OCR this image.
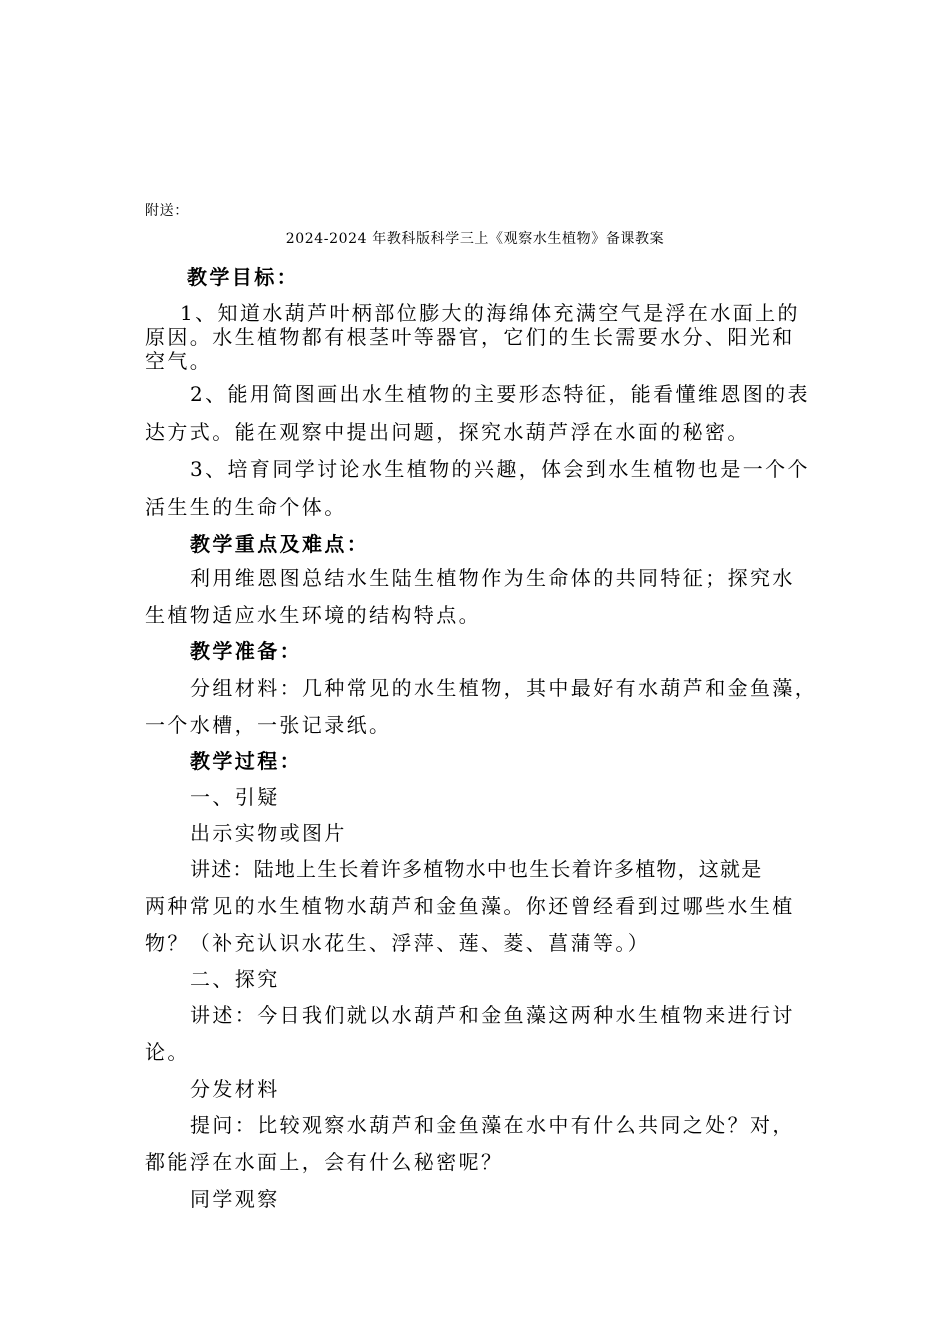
附送：
2024-2024 年教科版科学三上《观察水生植物》备课教案
教学目标：
1、知道水葫芦叶柄部位膨大的海绵体充满空气是浮在水面上的
原因。水生植物都有根茎叶等器官，它们的生长需要水分、阳光和
空气。
2、能用简图画出水生植物的主要形态特征，能看懂维恩图的表
达方式。能在观察中提出问题，探究水葫芦浮在水面的秘密。
3、培育同学讨论水生植物的兴趣，体会到水生植物也是一个个
活生生的生命个体。
教学重点及难点：
利用维恩图总结水生陆生植物作为生命体的共同特征；探究水
生植物适应水生环境的结构特点。
教学准备：
分组材料：几种常见的水生植物，其中最好有水葫芦和金鱼藻，
一个水槽，一张记录纸。
教学过程：
一、引疑
出示实物或图片
讲述：陆地上生长着许多植物水中也生长着许多植物，这就是
两种常见的水生植物水葫芦和金鱼藻。你还曾经看到过哪些水生植
物？（补充认识水花生、浮萍、莲、菱、菖蒲等。）
二、探究
讲述：今日我们就以水葫芦和金鱼藻这两种水生植物来进行讨
论。
分发材料
提问：比较观察水葫芦和金鱼藻在水中有什么共同之处？对，
都能浮在水面上，会有什么秘密呢？
同学观察
